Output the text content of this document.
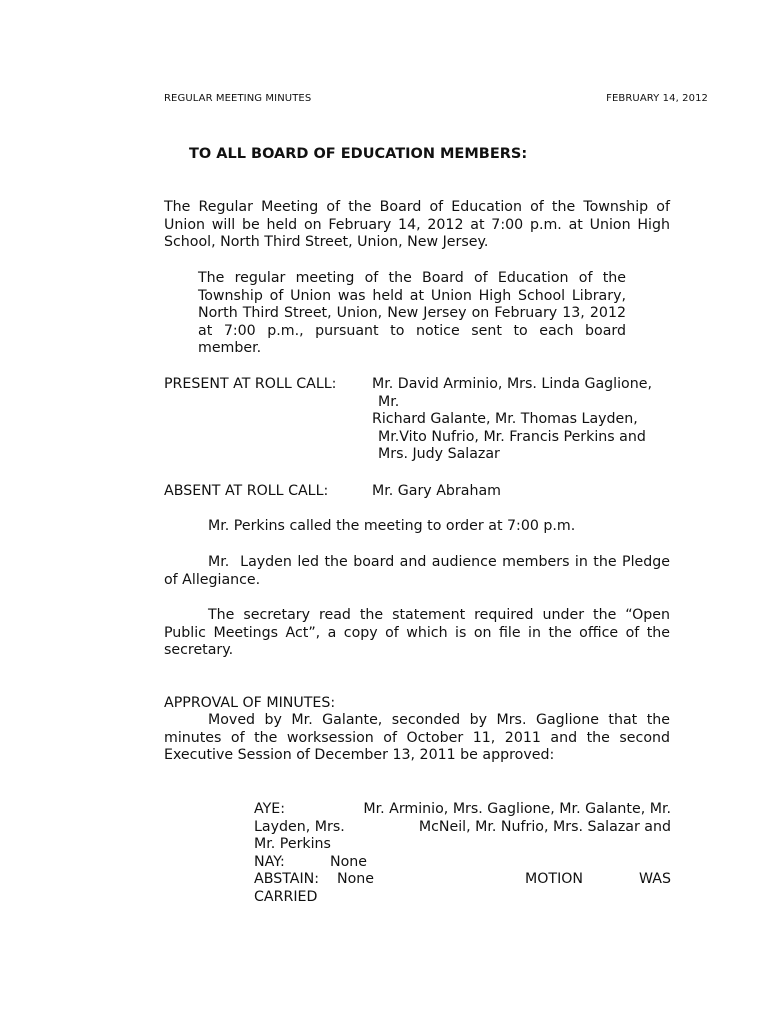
REGULAR MEETING MINUTES	FEBRUARY 14, 2012
TO ALL BOARD OF EDUCATION MEMBERS:
The Regular Meeting of the Board of Education of the Township of Union will be held on February 14, 2012 at 7:00 p.m. at Union High School, North Third Street, Union, New Jersey.
The regular meeting of the Board of Education of the Township of Union was held at Union High School Library, North Third Street, Union, New Jersey on February 13, 2012 at 7:00 p.m., pursuant to notice sent to each board member.
PRESENT AT ROLL CALL:	Mr. David Arminio, Mrs. Linda Gaglione,
Mr.
Richard Galante, Mr. Thomas Layden,
Mr.Vito Nufrio, Mr. Francis Perkins and
Mrs. Judy Salazar
ABSENT AT ROLL CALL:	Mr. Gary Abraham
Mr. Perkins called the meeting to order at 7:00 p.m.
Mr.  Layden led the board and audience members in the Pledge of Allegiance.
The secretary read the statement required under the “Open Public Meetings Act”, a copy of which is on file in the office of the secretary.
APPROVAL OF MINUTES:
Moved by Mr. Galante, seconded by Mrs. Gaglione that the minutes of the worksession of October 11, 2011 and the second Executive Session of December 13, 2011 be approved:
AYE:	Mr. Arminio, Mrs. Gaglione, Mr. Galante, Mr.
Layden, Mrs.	McNeil, Mr. Nufrio, Mrs. Salazar and
Mr. Perkins
NAY:	None
ABSTAIN: None	MOTION	WAS
CARRIED
